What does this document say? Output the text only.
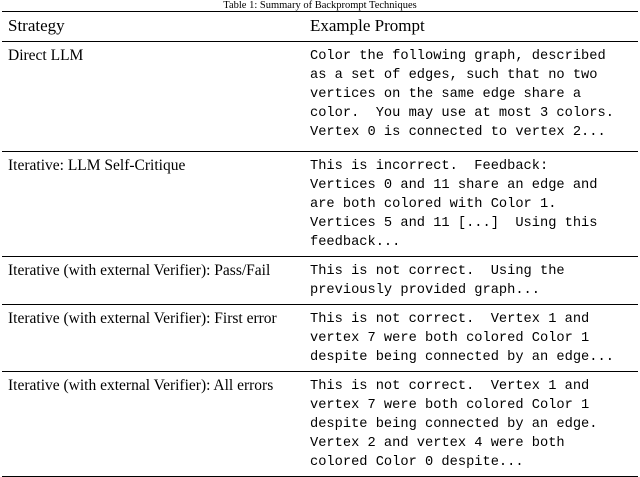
Table 1: Summary of Backprompt Techniques
Strategy	Example Prompt
Direct LLM	Color the following graph, described
as a set of edges, such that no two
vertices on the same edge share a
color.  You may use at most 3 colors.
Vertex 0 is connected to vertex 2...
Iterative: LLM Self-Critique	This is incorrect.  Feedback:
Vertices 0 and 11 share an edge and
are both colored with Color 1.
Vertices 5 and 11 [...]  Using this
feedback...
Iterative (with external Verifier): Pass/Fail	This is not correct.  Using the
previously provided graph...
Iterative (with external Verifier): First error	This is not correct.  Vertex 1 and
vertex 7 were both colored Color 1
despite being connected by an edge...
Iterative (with external Verifier): All errors	This is not correct.  Vertex 1 and
vertex 7 were both colored Color 1
despite being connected by an edge.
Vertex 2 and vertex 4 were both
colored Color 0 despite...
